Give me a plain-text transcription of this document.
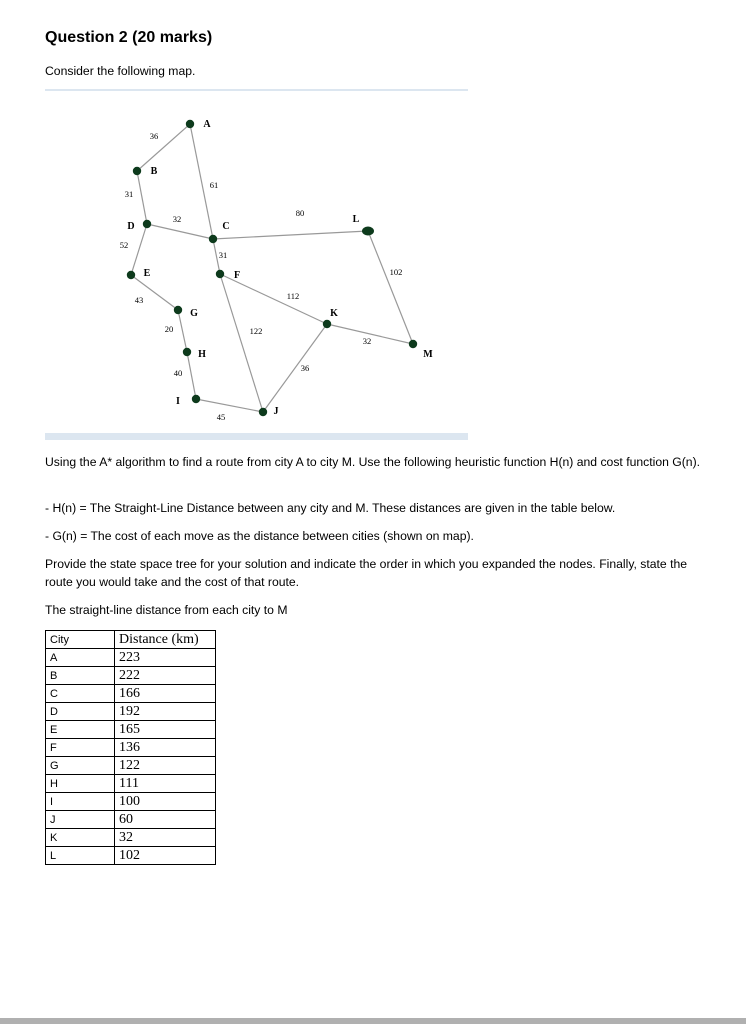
Question 2 (20 marks)

Consider the following map.

36
61
31
32
52
80
31
43
102
112
20	122
32
36
40
45
A
B
C
D
E	F
G
H
I
J
K
L
M

Using the A* algorithm to find a route from city A to city M. Use the following heuristic function H(n) and cost function G(n).

- H(n) = The Straight-Line Distance between any city and M. These distances are given in the table below.

- G(n) = The cost of each move as the distance between cities (shown on map).

Provide the state space tree for your solution and indicate the order in which you expanded the nodes. Finally, state the route you would take and the cost of that route.

The straight-line distance from each city to M

City	Distance (km)
A	223
B	222
C	166
D	192
E	165
F	136
G	122
H	111
I	100
J	60
K	32
L	102
